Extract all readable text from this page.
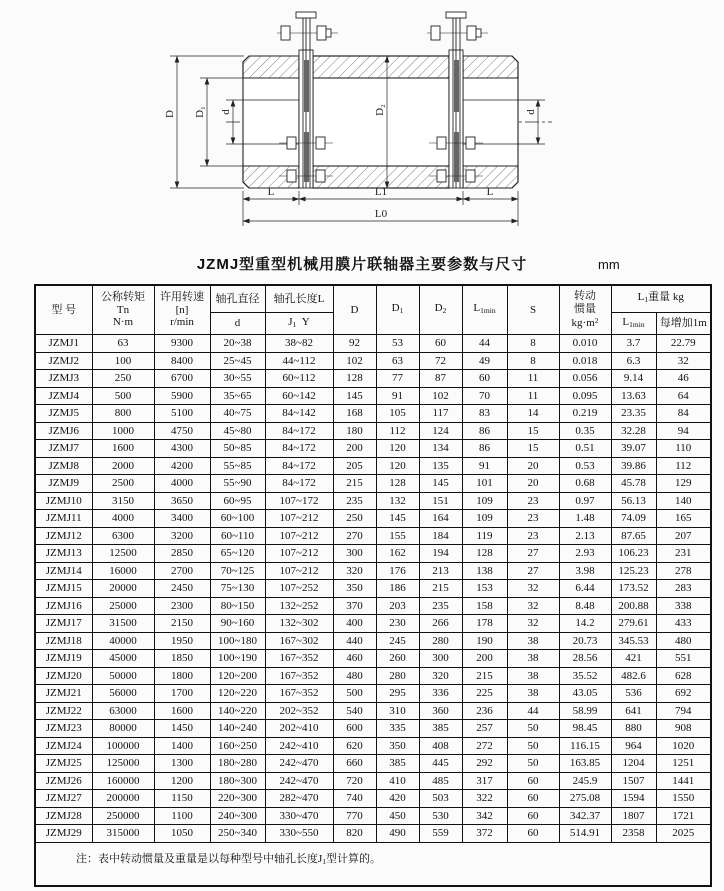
D D₁ d	D₂	d
L	L1	L
L0
JZMJ型重型机械用膜片联轴器主要参数与尺寸	mm
型 号	公称转矩
Tn
N·m	许用转速
[n]
r/min	轴孔直径	轴孔长度L	D	$D_1$	$D_2$	$L_{1min}$	S	转动
惯量
$kg\cdot m^2$	$L_1$重量 kg	
			d	$J_1$  Y							$L_{1min}$	每增加1m
JZMJ1	63	9300	20~38	38~82	92	53	60	44	8	0.010	3.7	22.79
JZMJ2	100	8400	25~45	44~112	102	63	72	49	8	0.018	6.3	32
JZMJ3	250	6700	30~55	60~112	128	77	87	60	11	0.056	9.14	46
JZMJ4	500	5900	35~65	60~142	145	91	102	70	11	0.095	13.63	64
JZMJ5	800	5100	40~75	84~142	168	105	117	83	14	0.219	23.35	84
JZMJ6	1000	4750	45~80	84~172	180	112	124	86	15	0.35	32.28	94
JZMJ7	1600	4300	50~85	84~172	200	120	134	86	15	0.51	39.07	110
JZMJ8	2000	4200	55~85	84~172	205	120	135	91	20	0.53	39.86	112
JZMJ9	2500	4000	55~90	84~172	215	128	145	101	20	0.68	45.78	129
JZMJ10	3150	3650	60~95	107~172	235	132	151	109	23	0.97	56.13	140
JZMJ11	4000	3400	60~100	107~212	250	145	164	109	23	1.48	74.09	165
JZMJ12	6300	3200	60~110	107~212	270	155	184	119	23	2.13	87.65	207
JZMJ13	12500	2850	65~120	107~212	300	162	194	128	27	2.93	106.23	231
JZMJ14	16000	2700	70~125	107~212	320	176	213	138	27	3.98	125.23	278
JZMJ15	20000	2450	75~130	107~252	350	186	215	153	32	6.44	173.52	283
JZMJ16	25000	2300	80~150	132~252	370	203	235	158	32	8.48	200.88	338
JZMJ17	31500	2150	90~160	132~302	400	230	266	178	32	14.2	279.61	433
JZMJ18	40000	1950	100~180	167~302	440	245	280	190	38	20.73	345.53	480
JZMJ19	45000	1850	100~190	167~352	460	260	300	200	38	28.56	421	551
JZMJ20	50000	1800	120~200	167~352	480	280	320	215	38	35.52	482.6	628
JZMJ21	56000	1700	120~220	167~352	500	295	336	225	38	43.05	536	692
JZMJ22	63000	1600	140~220	202~352	540	310	360	236	44	58.99	641	794
JZMJ23	80000	1450	140~240	202~410	600	335	385	257	50	98.45	880	908
JZMJ24	100000	1400	160~250	242~410	620	350	408	272	50	116.15	964	1020
JZMJ25	125000	1300	180~280	242~470	660	385	445	292	50	163.85	1204	1251
JZMJ26	160000	1200	180~300	242~470	720	410	485	317	60	245.9	1507	1441
JZMJ27	200000	1150	220~300	282~470	740	420	503	322	60	275.08	1594	1550
JZMJ28	250000	1100	240~300	330~470	770	450	530	342	60	342.37	1807	1721
JZMJ29	315000	1050	250~340	330~550	820	490	559	372	60	514.91	2358	2025
注：表中转动惯量及重量是以每种型号中轴孔长度$J_1$型计算的。												
